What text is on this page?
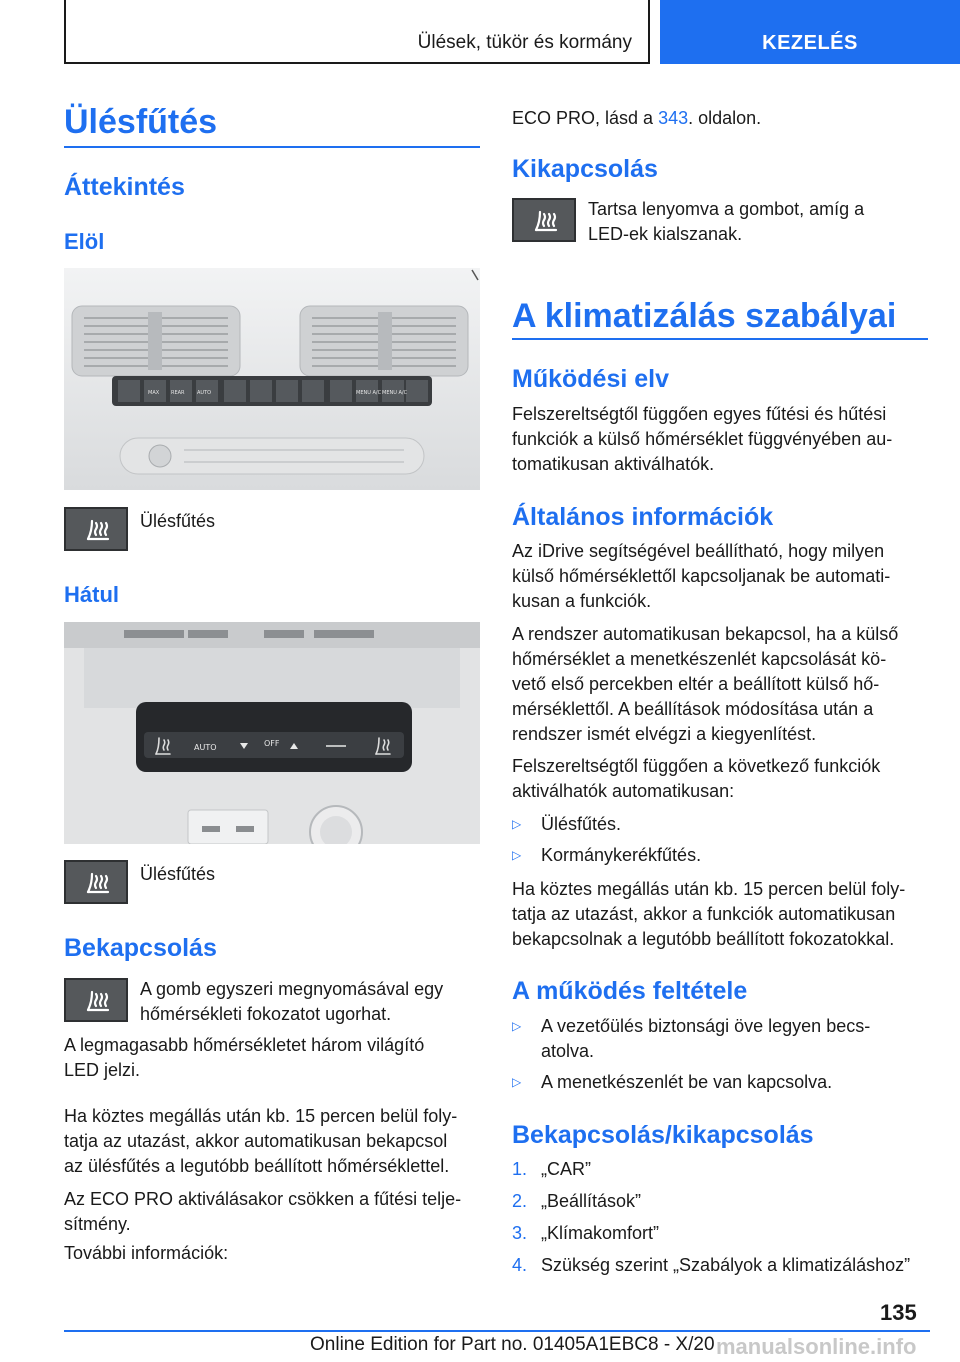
Ülések, tükör és kormány	KEZELÉS
Ülésfűtés
Áttekintés
Elöl
MAX REAR AUTO	MENU A/C MENU A/C
Ülésfűtés
Hátul
AUTO	OFF
Ülésfűtés
Bekapcsolás
A gomb egyszeri megnyomásával egy
hőmérsékleti fokozatot ugorhat.
A legmagasabb hőmérsékletet három világító
LED jelzi.
Ha köztes megállás után kb. 15 percen belül foly‐
tatja az utazást, akkor automatikusan bekapcsol
az ülésfűtés a legutóbb beállított hőmérséklettel.
Az ECO PRO aktiválásakor csökken a fűtési telje‐
sítmény.
További információk:
ECO PRO, lásd a 343. oldalon.
Kikapcsolás
Tartsa lenyomva a gombot, amíg a
LED-ek kialszanak.
A klimatizálás szabályai
Működési elv
Felszereltségtől függően egyes fűtési és hűtési
funkciók a külső hőmérséklet függvényében au‐
tomatikusan aktiválhatók.
Általános információk
Az iDrive segítségével beállítható, hogy milyen
külső hőmérséklettől kapcsoljanak be automati‐
kusan a funkciók.
A rendszer automatikusan bekapcsol, ha a külső
hőmérséklet a menetkészenlét kapcsolását kö‐
vető első percekben eltér a beállított külső hő‐
mérséklettől. A beállítások módosítása után a
rendszer ismét elvégzi a kiegyenlítést.
Felszereltségtől függően a következő funkciók
aktiválhatók automatikusan:
▷ Ülésfűtés.
▷ Kormánykerékfűtés.
Ha köztes megállás után kb. 15 percen belül foly‐
tatja az utazást, akkor a funkciók automatikusan
bekapcsolnak a legutóbb beállított fokozatokkal.
A működés feltétele
▷ A vezetőülés biztonsági öve legyen becs‐
atolva.
▷ A menetkészenlét be van kapcsolva.
Bekapcsolás/kikapcsolás
1. „CAR”
2. „Beállítások”
3. „Klímakomfort”
4. Szükség szerint „Szabályok a klimatizáláshoz”
135
Online Edition for Part no. 01405A1EBC8 - X/20 manualsonline.info
